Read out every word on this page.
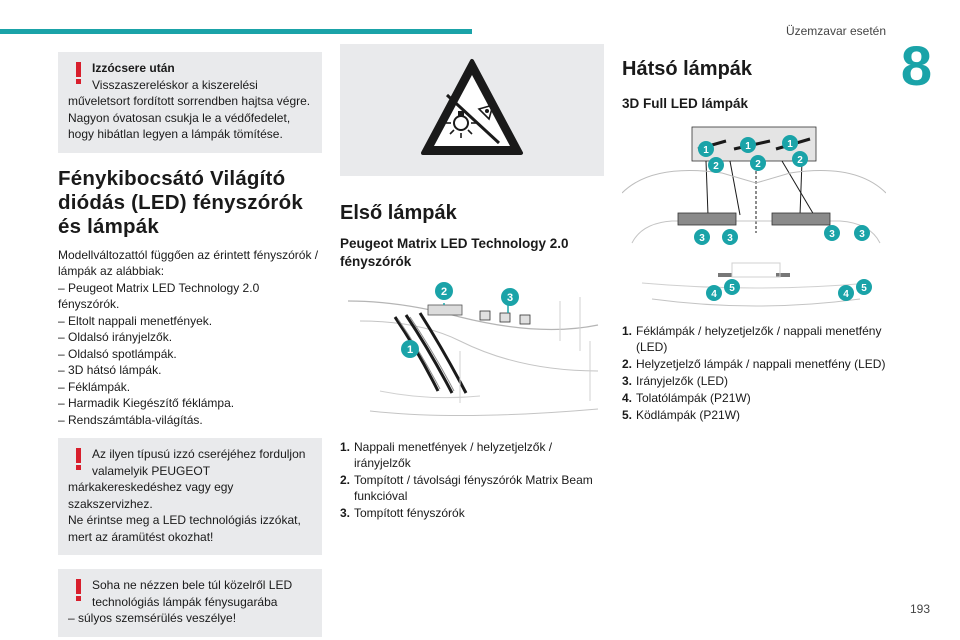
Üzemzavar esetén
8
193
Izzócsere után
Visszaszereléskor a kiszerelési
műveletsort fordított sorrendben hajtsa végre. Nagyon óvatosan csukja le a védőfedelet, hogy hibátlan legyen a lámpák tömítése.
Fénykibocsátó Világító diódás (LED) fényszórók és lámpák

Modellváltozattól függően az érintett fényszórók / lámpák az alábbiak:

– Peugeot Matrix LED Technology 2.0 fényszórók.
– Eltolt nappali menetfények.
– Oldalsó irányjelzők.
– Oldalsó spotlámpák.
– 3D hátsó lámpák.
– Féklámpák.
– Harmadik Kiegészítő féklámpa.
– Rendszámtábla-világítás.
Az ilyen típusú izzó cseréjéhez forduljon valamelyik PEUGEOT
márkakereskedéshez vagy egy szakszervizhez.
Ne érintse meg a LED technológiás izzókat, mert az áramütést okozhat!
Soha ne nézzen bele túl közelről LED technológiás lámpák fénysugarába
– súlyos szemsérülés veszélye!
Első lámpák
Peugeot Matrix LED Technology 2.0 fényszórók
2	3
1
1. Nappali menetfények / helyzetjelzők / irányjelzők
2. Tompított / távolsági fényszórók Matrix Beam funkcióval
3. Tompított fényszórók
Hátsó lámpák
3D Full LED lámpák
1
2
1
2
1
2
3 3	3 3
4
5
4
5
1. Féklámpák / helyzetjelzők / nappali menetfény (LED)
2. Helyzetjelző lámpák / nappali menetfény (LED)
3. Irányjelzők (LED)
4. Tolatólámpák (P21W)
5. Ködlámpák (P21W)
